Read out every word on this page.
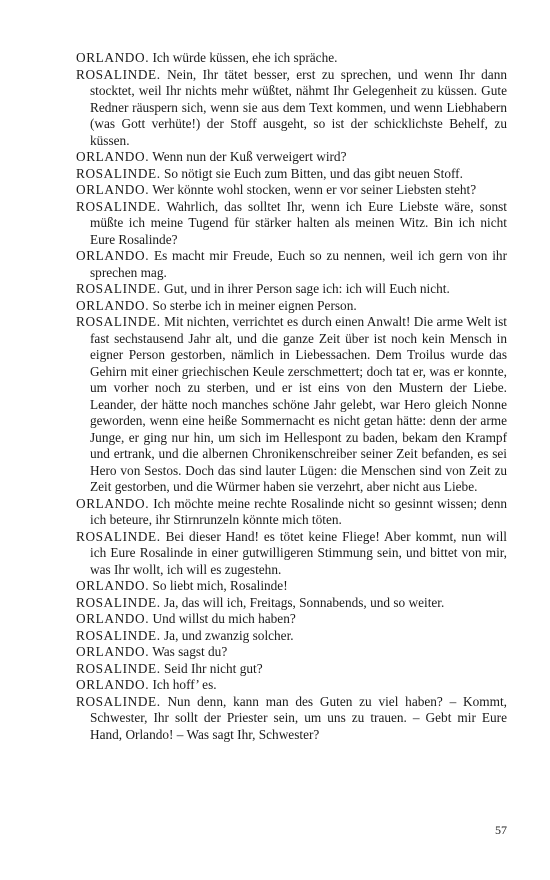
ORLANDO. Ich würde küssen, ehe ich spräche.

ROSALINDE. Nein, Ihr tätet besser, erst zu sprechen, und wenn Ihr dann stocktet, weil Ihr nichts mehr wüßtet, nähmt Ihr Gelegenheit zu küssen. Gute Redner räuspern sich, wenn sie aus dem Text kommen, und wenn Liebhabern (was Gott verhüte!) der Stoff ausgeht, so ist der schicklichste Behelf, zu küssen.

ORLANDO. Wenn nun der Kuß verweigert wird?

ROSALINDE. So nötigt sie Euch zum Bitten, und das gibt neuen Stoff.

ORLANDO. Wer könnte wohl stocken, wenn er vor seiner Liebsten steht?

ROSALINDE. Wahrlich, das solltet Ihr, wenn ich Eure Liebste wäre, sonst müßte ich meine Tugend für stärker halten als meinen Witz. Bin ich nicht Eure Rosalinde?

ORLANDO. Es macht mir Freude, Euch so zu nennen, weil ich gern von ihr sprechen mag.

ROSALINDE. Gut, und in ihrer Person sage ich: ich will Euch nicht.

ORLANDO. So sterbe ich in meiner eignen Person.

ROSALINDE. Mit nichten, verrichtet es durch einen Anwalt! Die arme Welt ist fast sechstausend Jahr alt, und die ganze Zeit über ist noch kein Mensch in eigner Person gestorben, nämlich in Liebessachen. Dem Troilus wurde das Gehirn mit einer griechischen Keule zerschmettert; doch tat er, was er konnte, um vorher noch zu sterben, und er ist eins von den Mustern der Liebe. Leander, der hätte noch manches schöne Jahr gelebt, war Hero gleich Nonne geworden, wenn eine heiße Sommernacht es nicht getan hätte: denn der arme Junge, er ging nur hin, um sich im Hellespont zu baden, bekam den Krampf und ertrank, und die albernen Chronikenschreiber seiner Zeit befanden, es sei Hero von Sestos. Doch das sind lauter Lügen: die Menschen sind von Zeit zu Zeit gestorben, und die Würmer haben sie verzehrt, aber nicht aus Liebe.

ORLANDO. Ich möchte meine rechte Rosalinde nicht so gesinnt wissen; denn ich beteure, ihr Stirnrunzeln könnte mich töten.

ROSALINDE. Bei dieser Hand! es tötet keine Fliege! Aber kommt, nun will ich Eure Rosalinde in einer gutwilligeren Stimmung sein, und bittet von mir, was Ihr wollt, ich will es zugestehn.

ORLANDO. So liebt mich, Rosalinde!

ROSALINDE. Ja, das will ich, Freitags, Sonnabends, und so weiter.

ORLANDO. Und willst du mich haben?

ROSALINDE. Ja, und zwanzig solcher.

ORLANDO. Was sagst du?

ROSALINDE. Seid Ihr nicht gut?

ORLANDO. Ich hoff’ es.

ROSALINDE. Nun denn, kann man des Guten zu viel haben? – Kommt, Schwester, Ihr sollt der Priester sein, um uns zu trauen. – Gebt mir Eure Hand, Orlando! – Was sagt Ihr, Schwester?

57
